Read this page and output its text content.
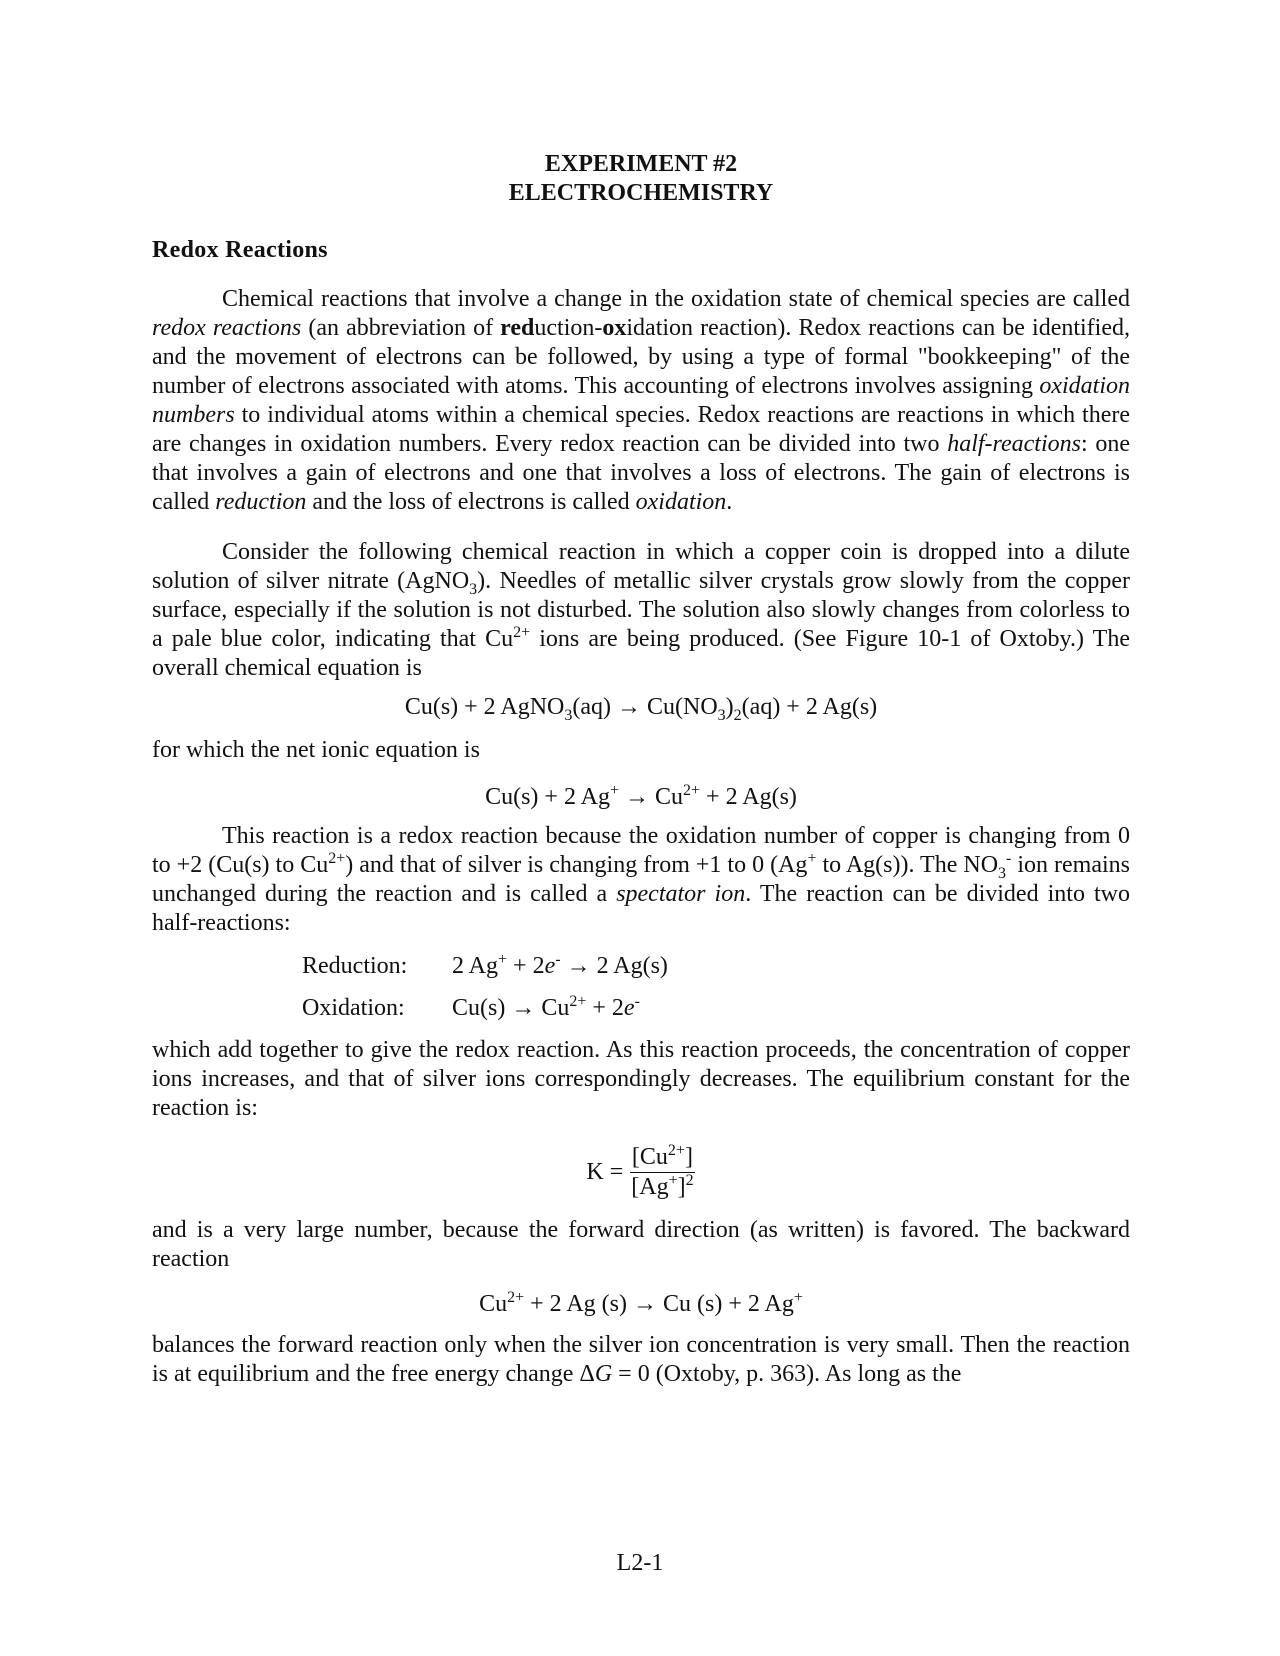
EXPERIMENT #2
ELECTROCHEMISTRY
Redox Reactions

Chemical reactions that involve a change in the oxidation state of chemical species are called redox reactions (an abbreviation of reduction-oxidation reaction). Redox reactions can be identified, and the movement of electrons can be followed, by using a type of formal "bookkeeping" of the number of electrons associated with atoms. This accounting of electrons involves assigning oxidation numbers to individual atoms within a chemical species. Redox reactions are reactions in which there are changes in oxidation numbers. Every redox reaction can be divided into two half-reactions: one that involves a gain of electrons and one that involves a loss of electrons. The gain of electrons is called reduction and the loss of electrons is called oxidation.

Consider the following chemical reaction in which a copper coin is dropped into a dilute solution of silver nitrate (AgNO$_3$). Needles of metallic silver crystals grow slowly from the copper surface, especially if the solution is not disturbed. The solution also slowly changes from colorless to a pale blue color, indicating that $Cu^{2+}$ ions are being produced. (See Figure 10-1 of Oxtoby.) The overall chemical equation is

Cu(s) + 2 AgNO$_3$(aq) → $Cu(NO_3)_2(aq) + 2$ Ag(s)

for which the net ionic equation is

Cu(s) + 2 $Ag^+ \to Cu^{2+} + 2$ Ag(s)

This reaction is a redox reaction because the oxidation number of copper is changing from 0 to +2 (Cu(s) to $Cu^{2+}$) and that of silver is changing from +1 to 0 (Ag+ to Ag(s)). The $NO_3^-$ ion remains unchanged during the reaction and is called a spectator ion. The reaction can be divided into two half-reactions:

Reduction:	2 Ag+ + 2e- → 2 Ag(s)
Oxidation:	$Cu(s) \to Cu^{2+} + 2e^-$

which add together to give the redox reaction. As this reaction proceeds, the concentration of copper ions increases, and that of silver ions correspondingly decreases. The equilibrium constant for the reaction is:

$K = \frac{[Cu^{2+}]}{[Ag^+]^2}$

and is a very large number, because the forward direction (as written) is favored. The backward reaction

$Cu^{2+} + 2$ Ag (s) → Cu (s) + 2 Ag+

balances the forward reaction only when the silver ion concentration is very small. Then the reaction is at equilibrium and the free energy change ΔG = 0 (Oxtoby, p. 363). As long as the

L2-1
